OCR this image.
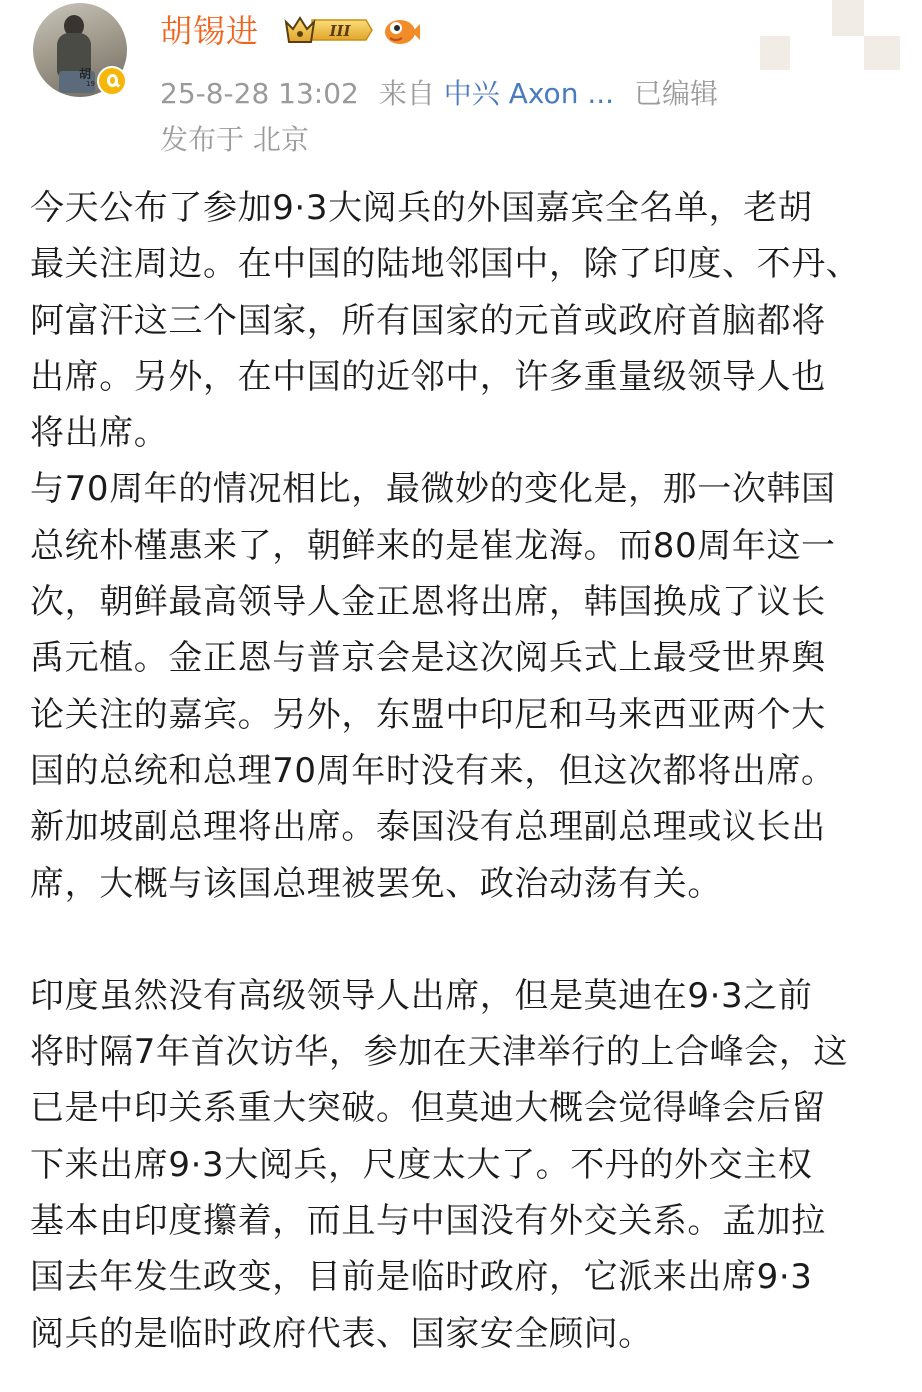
胡
19
胡锡进	III
25-8-28 13:02 来自 中兴 Axon ... 已编辑
发布于 北京

今天公布了参加9·3大阅兵的外国嘉宾全名单，老胡

最关注周边。在中国的陆地邻国中，除了印度、不丹、

阿富汗这三个国家，所有国家的元首或政府首脑都将

出席。另外，在中国的近邻中，许多重量级领导人也

将出席。

与70周年的情况相比，最微妙的变化是，那一次韩国

总统朴槿惠来了，朝鲜来的是崔龙海。而80周年这一

次，朝鲜最高领导人金正恩将出席，韩国换成了议长

禹元植。金正恩与普京会是这次阅兵式上最受世界舆

论关注的嘉宾。另外，东盟中印尼和马来西亚两个大

国的总统和总理70周年时没有来，但这次都将出席。

新加坡副总理将出席。泰国没有总理副总理或议长出

席，大概与该国总理被罢免、政治动荡有关。

印度虽然没有高级领导人出席，但是莫迪在9·3之前

将时隔7年首次访华，参加在天津举行的上合峰会，这

已是中印关系重大突破。但莫迪大概会觉得峰会后留

下来出席9·3大阅兵，尺度太大了。不丹的外交主权

基本由印度攥着，而且与中国没有外交关系。孟加拉

国去年发生政变，目前是临时政府，它派来出席9·3

阅兵的是临时政府代表、国家安全顾问。
